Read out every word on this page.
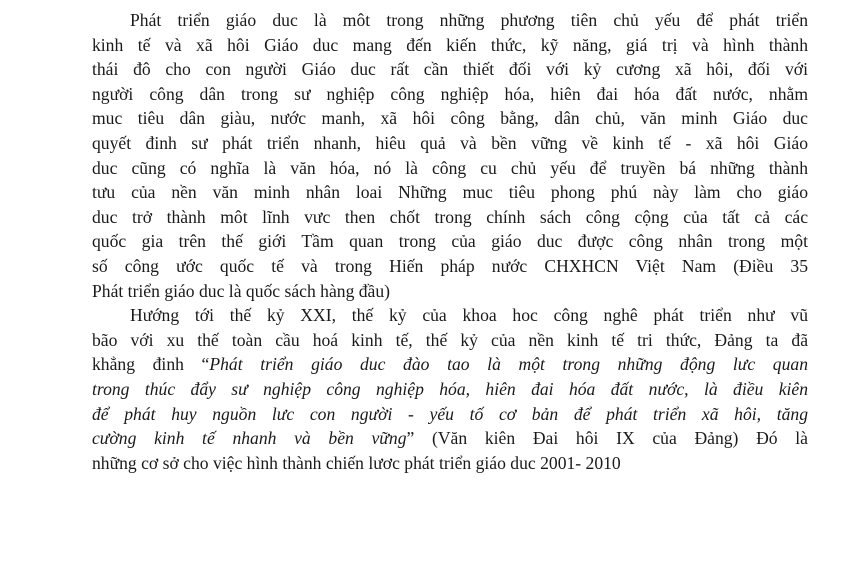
Phát triển giáo duc là môt trong những phương tiên chủ yếu để phát triển
kinh tế và xã hôi Giáo duc mang đến kiến thức, kỹ năng, giá trị và hình thành
thái đô cho con người Giáo duc rất cần thiết đối với kỷ cương xã hôi, đối với
người công dân trong sư nghiệp công nghiệp hóa, hiên đai hóa đất nước, nhằm
muc tiêu dân giàu, nước manh, xã hôi công bằng, dân chủ, văn minh Giáo duc
quyết đinh sư phát triển nhanh, hiêu quả và bền vững về kinh tế - xã hôi Giáo
duc cũng có nghĩa là văn hóa, nó là công cu chủ yếu để truyền bá những thành
tưu của nền văn minh nhân loai Những muc tiêu phong phú này làm cho giáo
duc trở thành môt lĩnh vưc then chốt trong chính sách công cộng của tất cả các
quốc gia trên thế giới Tầm quan trong của giáo duc được công nhân trong một
số công ước quốc tế và trong Hiến pháp nước CHXHCN Việt Nam (Điều 35
Phát triển giáo duc là quốc sách hàng đầu)
Hướng tới thế kỷ XXI, thế kỷ của khoa hoc công nghê phát triển như vũ
bão với xu thế toàn cầu hoá kinh tế, thế kỷ của nền kinh tế tri thức, Đảng ta đã
khẳng đinh “Phát triển giáo duc đào tao là một trong những động lưc quan
trong thúc đẩy sư nghiệp công nghiệp hóa, hiên đai hóa đất nước, là điều kiên
để phát huy nguồn lưc con người - yếu tố cơ bản để phát triển xã hôi, tăng
cường kinh tế nhanh và bền vững” (Văn kiên Đai hôi IX của Đảng) Đó là
những cơ sở cho việc hình thành chiến lươc phát triển giáo duc 2001- 2010
